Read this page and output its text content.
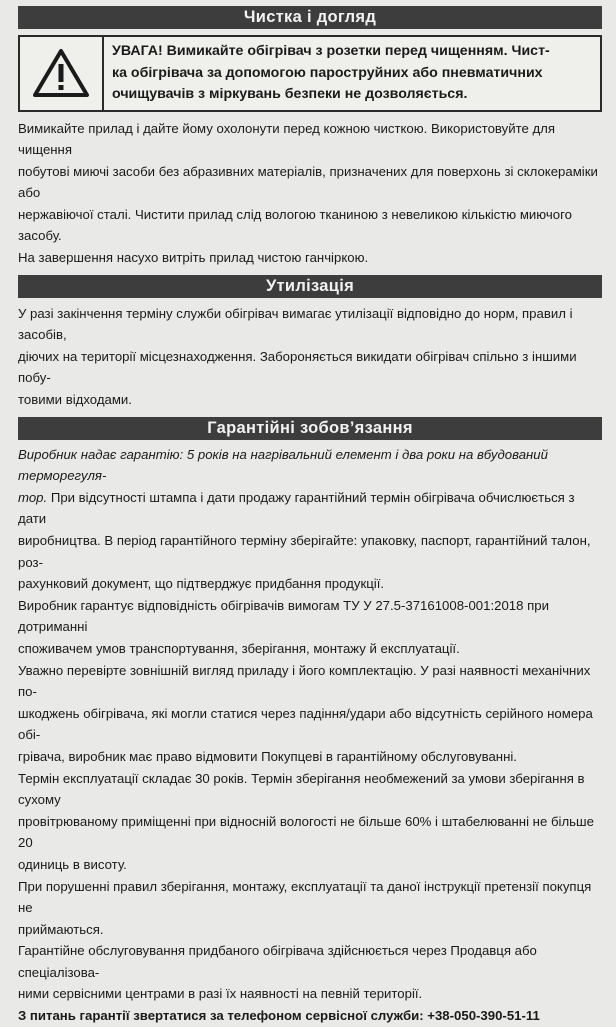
Чистка і догляд
УВАГА! Вимикайте обігрівач з розетки перед чищенням. Чист-
ка обігрівача за допомогою пароструйних або пневматичних
очищувачів з міркувань безпеки не дозволяється.

Вимикайте прилад і дайте йому охолонути перед кожною чисткою. Використовуйте для чищення

побутові миючі засоби без абразивних матеріалів, призначених для поверхонь зі склокераміки або

нержавіючої сталі. Чистити прилад слід вологою тканиною з невеликою кількістю миючого засобу.

На завершення насухо витріть прилад чистою ганчіркою.

Утилізація

У разі закінчення терміну служби обігрівач вимагає утилізації відповідно до норм, правил і засобів,

діючих на території місцезнаходження. Забороняється викидати обігрівач спільно з іншими побу-

товими відходами.

Гарантійні зобов’язання

Виробник надає гарантію: 5 років на нагрівальний елемент і два роки на вбудований терморегуля-

тор. При відсутності штампа і дати продажу гарантійний термін обігрівача обчислюється з дати

виробництва. В період гарантійного терміну зберігайте: упаковку, паспорт, гарантійний талон, роз-

рахунковий документ, що підтверджує придбання продукції.

Виробник гарантує відповідність обігрівачів вимогам ТУ У 27.5-37161008-001:2018 при дотриманні

споживачем умов транспортування, зберігання, монтажу й експлуатації.

Уважно перевірте зовнішній вигляд приладу і його комплектацію. У разі наявності механічних по-

шкоджень обігрівача, які могли статися через падіння/удари або відсутність серійного номера обі-

грівача, виробник має право відмовити Покупцеві в гарантійному обслуговуванні.

Термін експлуатації складає 30 років. Термін зберігання необмежений за умови зберігання в сухому

провітрюваному приміщенні при відносній вологості не більше 60% і штабелюванні не більше 20

одиниць в висоту.

При порушенні правил зберігання, монтажу, експлуатації та даної інструкції претензії покупця не

приймаються.

Гарантійне обслуговування придбаного обігрівача здійснюється через Продавця або спеціалізова-

ними сервісними центрами в разі їх наявності на певній території.

З питань гарантії звертатися за телефоном сервісної служби: +38-050-390-51-11
